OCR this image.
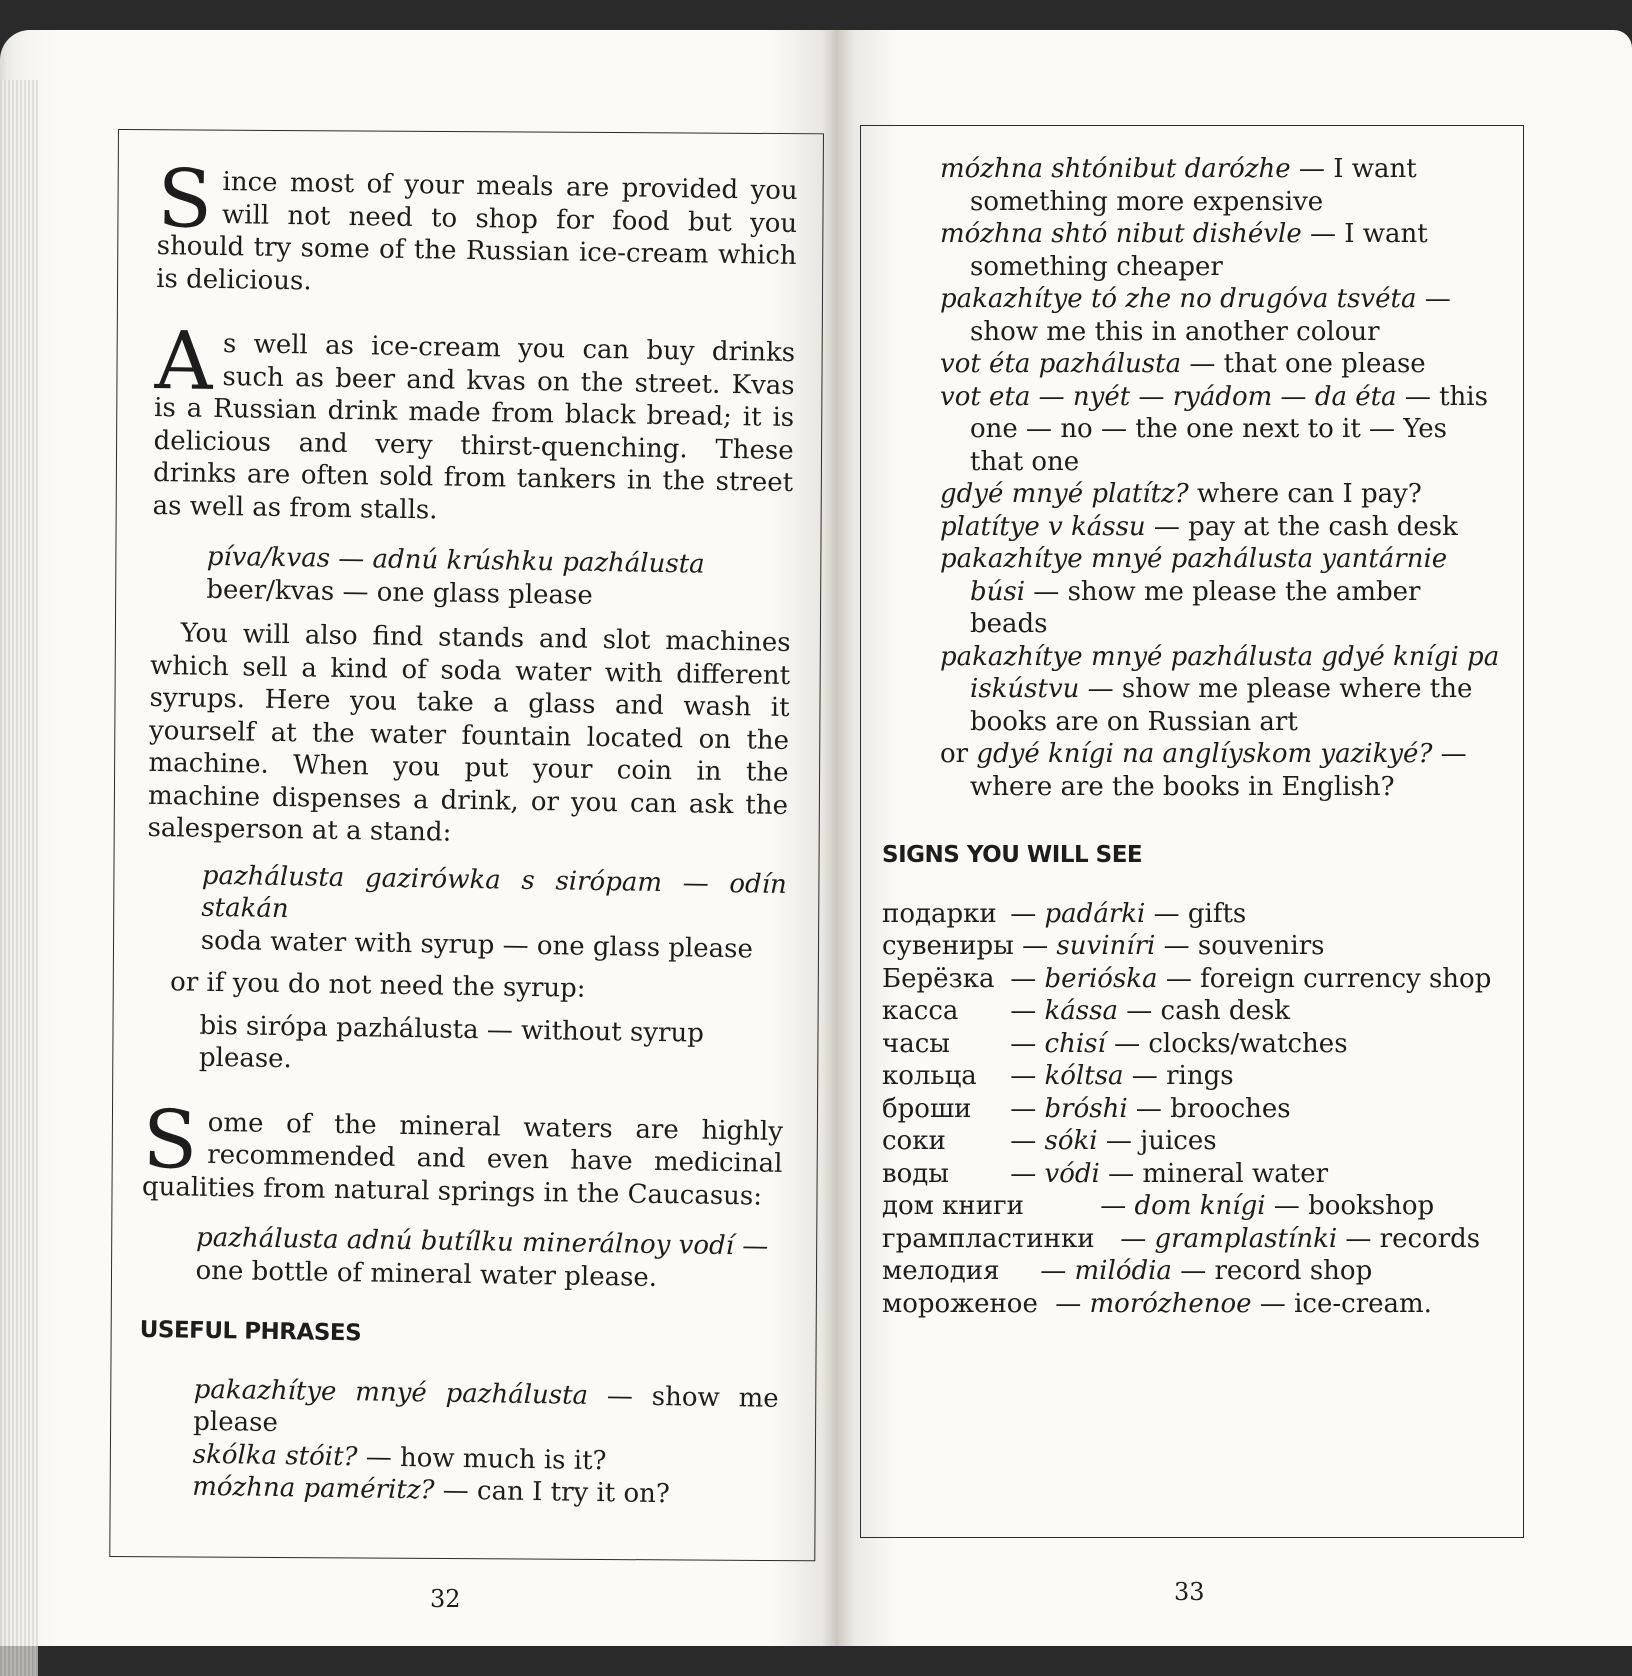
Since most of your meals are provided you will not need to shop for food but you should try some of the Russian ice-cream which is delicious.

As well as ice-cream you can buy drinks such as beer and kvas on the street. Kvas is a Russian drink made from black bread; it is delicious and very thirst-quenching. These drinks are often sold from tankers in the street as well as from stalls.

píva/kvas — adnú krúshku pazhálusta

beer/kvas — one glass please

You will also find stands and slot machines which sell a kind of soda water with different syrups. Here you take a glass and wash it yourself at the water fountain located on the machine. When you put your coin in the machine dispenses a drink, or you can ask the salesperson at a stand:

pazhálusta gazirówka s sirópam — odín stakán

soda water with syrup — one glass please

or if you do not need the syrup:

bis sirópa pazhálusta — without syrup please.

Some of the mineral waters are highly recommended and even have medicinal qualities from natural springs in the Caucasus:

pazhálusta adnú butílku minerálnoy vodí —

one bottle of mineral water please.

USEFUL PHRASES

pakazhítye mnyé pazhálusta — show me please

skólka stóit? — how much is it?

mózhna paméritz? — can I try it on?

mózhna shtónibut darózhe — I want something more expensive

mózhna shtó nibut dishévle — I want something cheaper

pakazhítye tó zhe no drugóva tsvéta — show me this in another colour

vot éta pazhálusta — that one please

vot eta — nyét — ryádom — da éta — this one — no — the one next to it — Yes that one

gdyé mnyé platítz? where can I pay?

platítye v kássu — pay at the cash desk

pakazhítye mnyé pazhálusta yantárnie búsi — show me please the amber beads

pakazhítye mnyé pazhálusta gdyé knígi pa iskústvu — show me please where the books are on Russian art

or gdyé knígi na anglíyskom yazikyé? — where are the books in English?

SIGNS YOU WILL SEE

подарки — padárki — gifts

сувениры — suviníri — souvenirs

Берёзка — berióska — foreign currency shop

касса — kássa — cash desk

часы — chisí — clocks/watches

кольца — kóltsa — rings

броши — bróshi — brooches

соки — sóki — juices

воды — vódi — mineral water

дом книги	— dom knígi — bookshop

грампластинки — gramplastínki — records

мелодия — milódia — record shop

мороженое — morózhenoe — ice-cream.

32	33
